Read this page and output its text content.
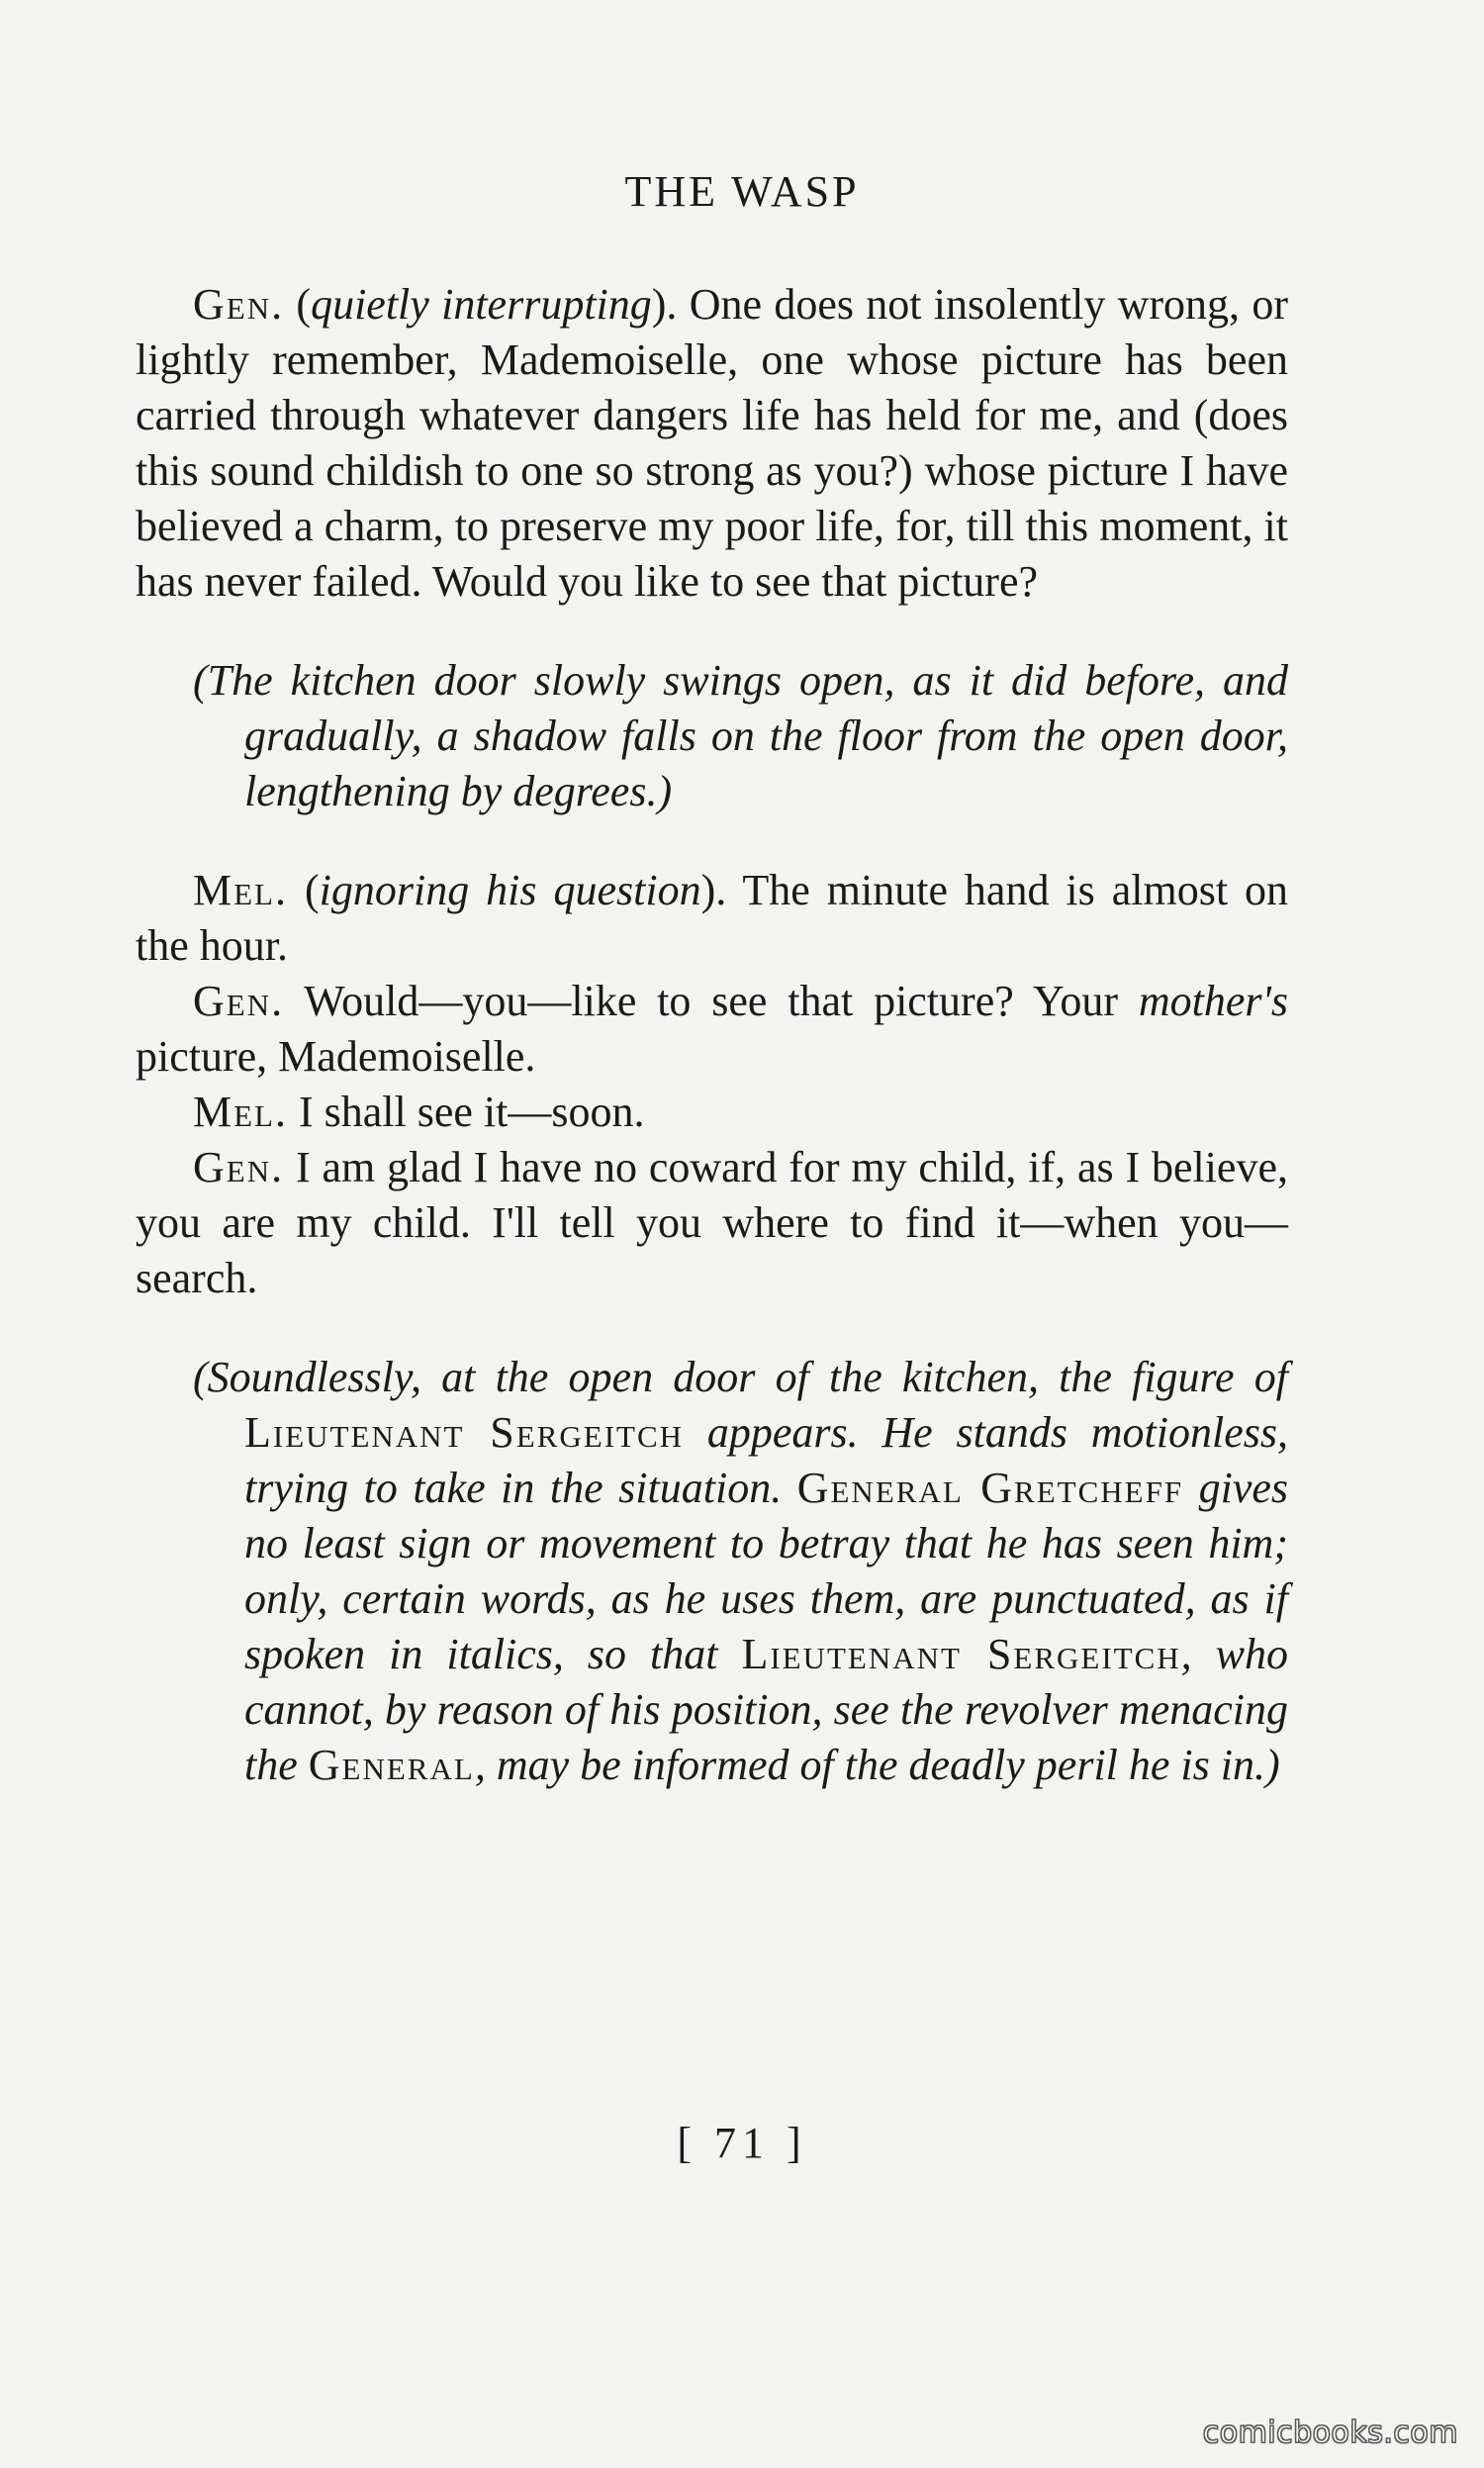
THE WASP

Gen. (quietly interrupting). One does not insolently wrong, or lightly remember, Mademoiselle, one whose picture has been carried through whatever dangers life has held for me, and (does this sound childish to one so strong as you?) whose picture I have believed a charm, to preserve my poor life, for, till this moment, it has never failed. Would you like to see that picture?

(The kitchen door slowly swings open, as it did before, and gradually, a shadow falls on the floor from the open door, lengthening by degrees.)

Mel. (ignoring his question). The minute hand is almost on the hour.

Gen. Would—you—like to see that picture? Your mother's picture, Mademoiselle.

Mel. I shall see it—soon.

Gen. I am glad I have no coward for my child, if, as I believe, you are my child. I'll tell you where to find it—when you—search.

(Soundlessly, at the open door of the kitchen, the figure of Lieutenant Sergeitch appears. He stands motionless, trying to take in the situation. General Gretcheff gives no least sign or movement to betray that he has seen him; only, certain words, as he uses them, are punctuated, as if spoken in italics, so that Lieutenant Sergeitch, who cannot, by reason of his position, see the revolver menacing the General, may be informed of the deadly peril he is in.)

[ 71 ]
comicbooks.com
